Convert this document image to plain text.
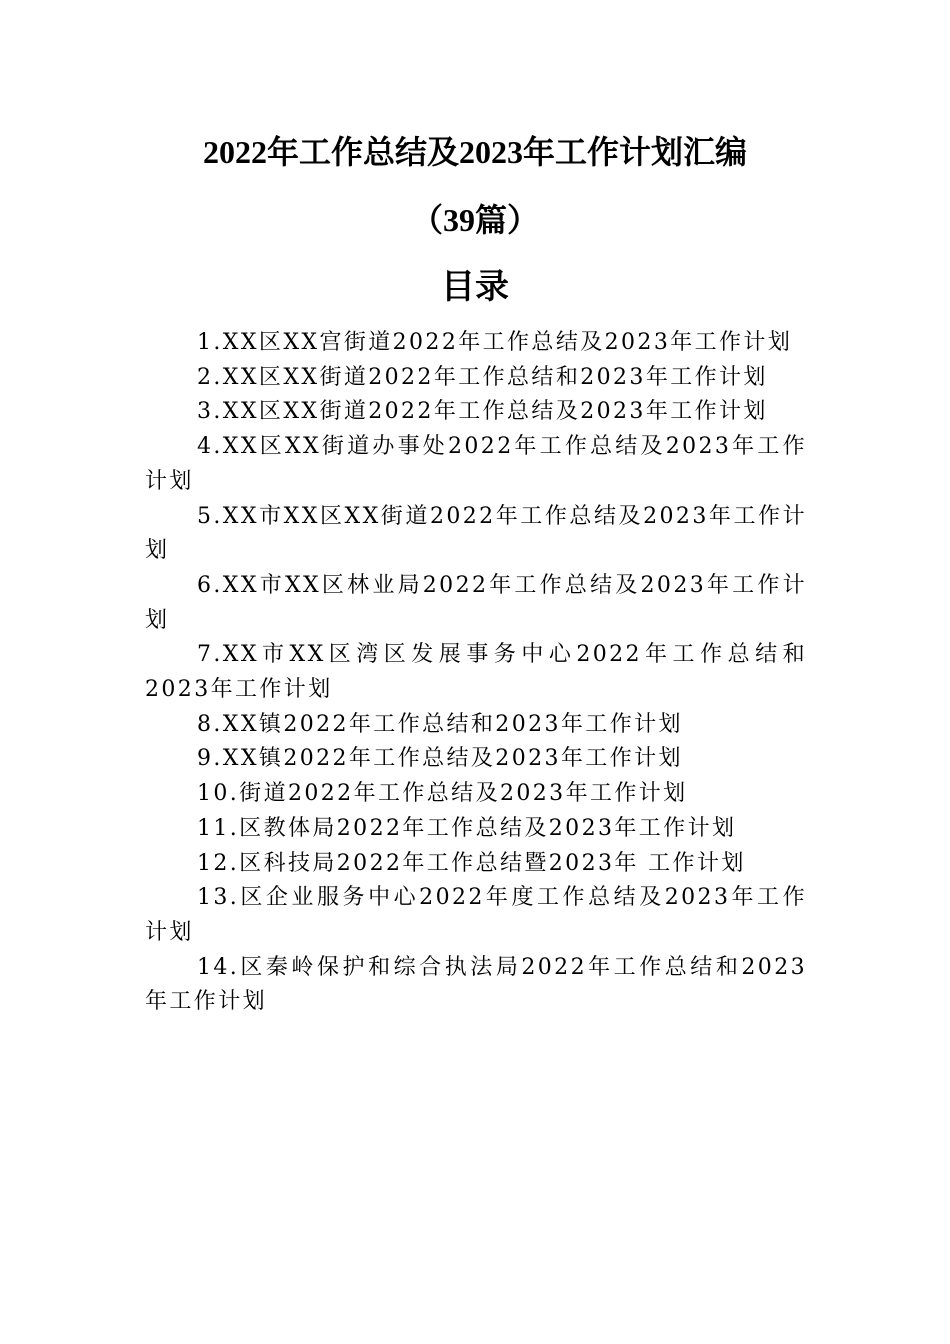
2022年工作总结及2023年工作计划汇编
（39篇）
目录

1.XX区XX宫街道2022年工作总结及2023年工作计划

2.XX区XX街道2022年工作总结和2023年工作计划

3.XX区XX街道2022年工作总结及2023年工作计划

4.XX区XX街道办事处2022年工作总结及2023年工作计划

5.XX市XX区XX街道2022年工作总结及2023年工作计划

6.XX市XX区林业局2022年工作总结及2023年工作计划

7.XX市XX区湾区发展事务中心2022年工作总结和2023年工作计划

8.XX镇2022年工作总结和2023年工作计划

9.XX镇2022年工作总结及2023年工作计划

10.街道2022年工作总结及2023年工作计划

11.区教体局2022年工作总结及2023年工作计划

12.区科技局2022年工作总结暨2023年 工作计划

13.区企业服务中心2022年度工作总结及2023年工作计划

14.区秦岭保护和综合执法局2022年工作总结和2023年工作计划
